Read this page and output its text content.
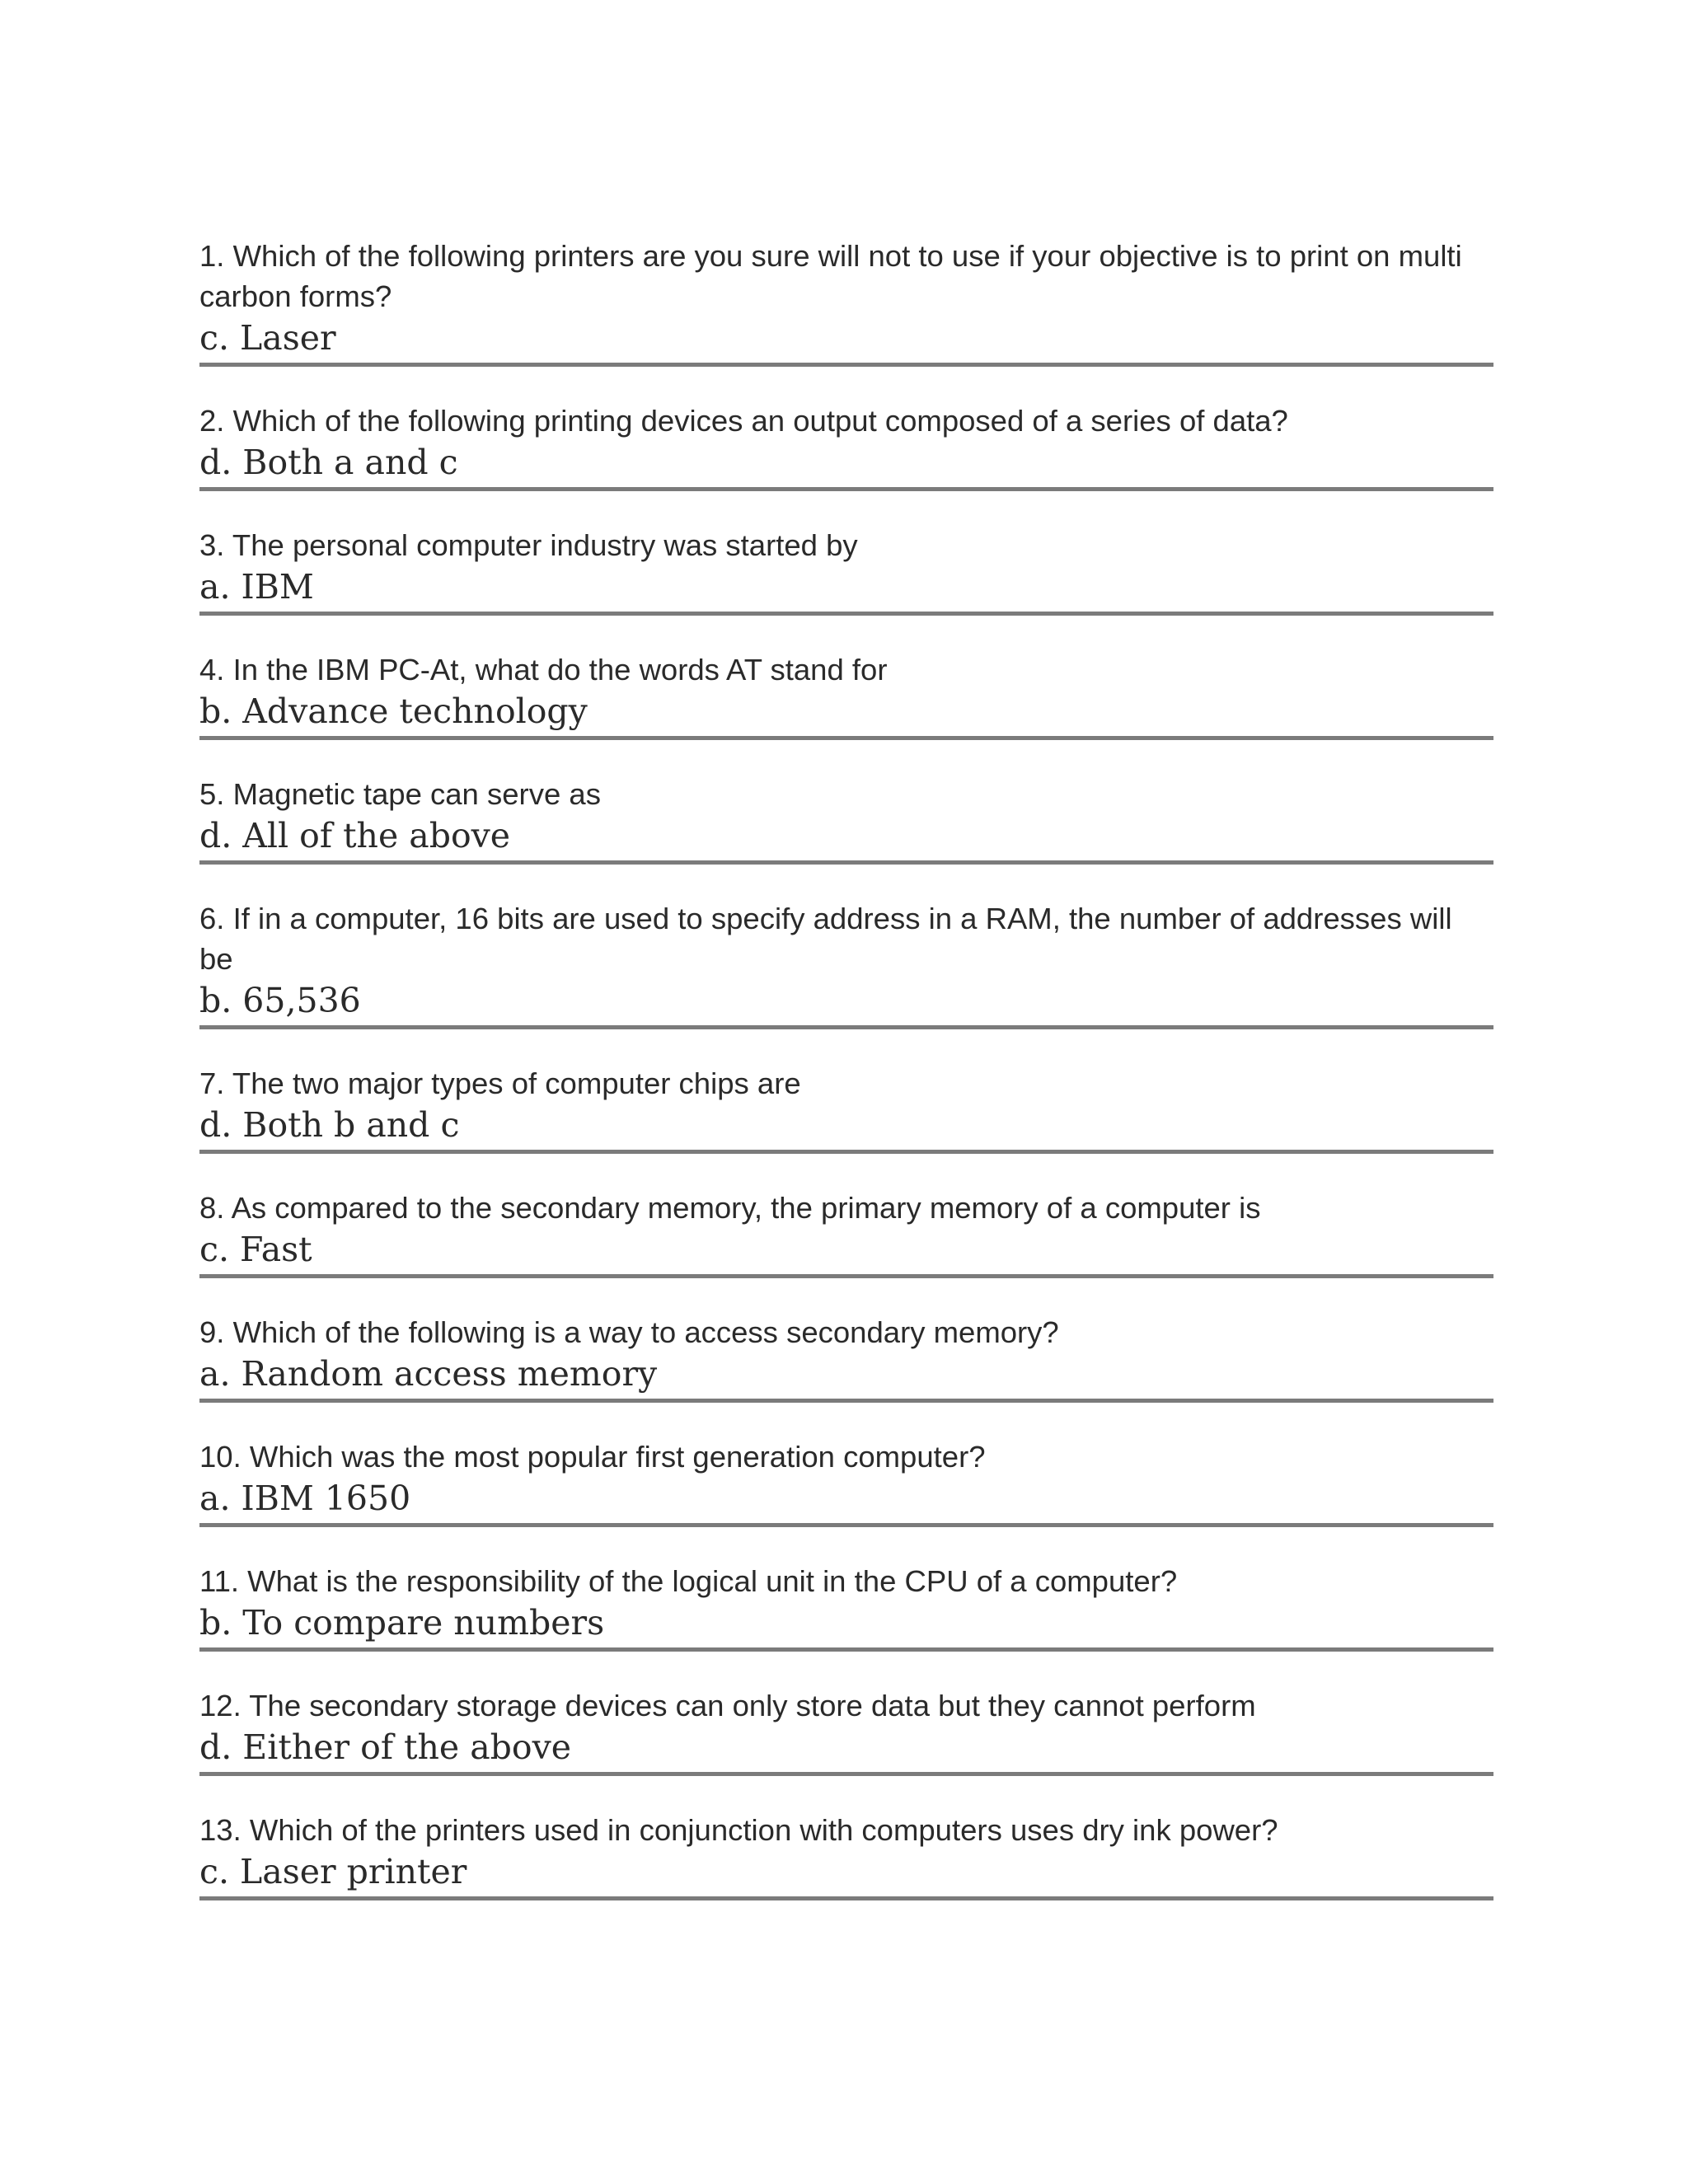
1. Which of the following printers are you sure will not to use if your objective is to print on multi carbon forms?

c. Laser

2. Which of the following printing devices an output composed of a series of data?

d. Both a and c

3. The personal computer industry was started by

a. IBM

4. In the IBM PC-At, what do the words AT stand for

b. Advance technology

5. Magnetic tape can serve as

d. All of the above

6. If in a computer, 16 bits are used to specify address in a RAM, the number of addresses will be

b. 65,536

7. The two major types of computer chips are

d. Both b and c

8. As compared to the secondary memory, the primary memory of a computer is

c. Fast

9. Which of the following is a way to access secondary memory?

a. Random access memory

10. Which was the most popular first generation computer?

a. IBM 1650

11. What is the responsibility of the logical unit in the CPU of a computer?

b. To compare numbers

12. The secondary storage devices can only store data but they cannot perform

d. Either of the above

13. Which of the printers used in conjunction with computers uses dry ink power?

c. Laser printer
